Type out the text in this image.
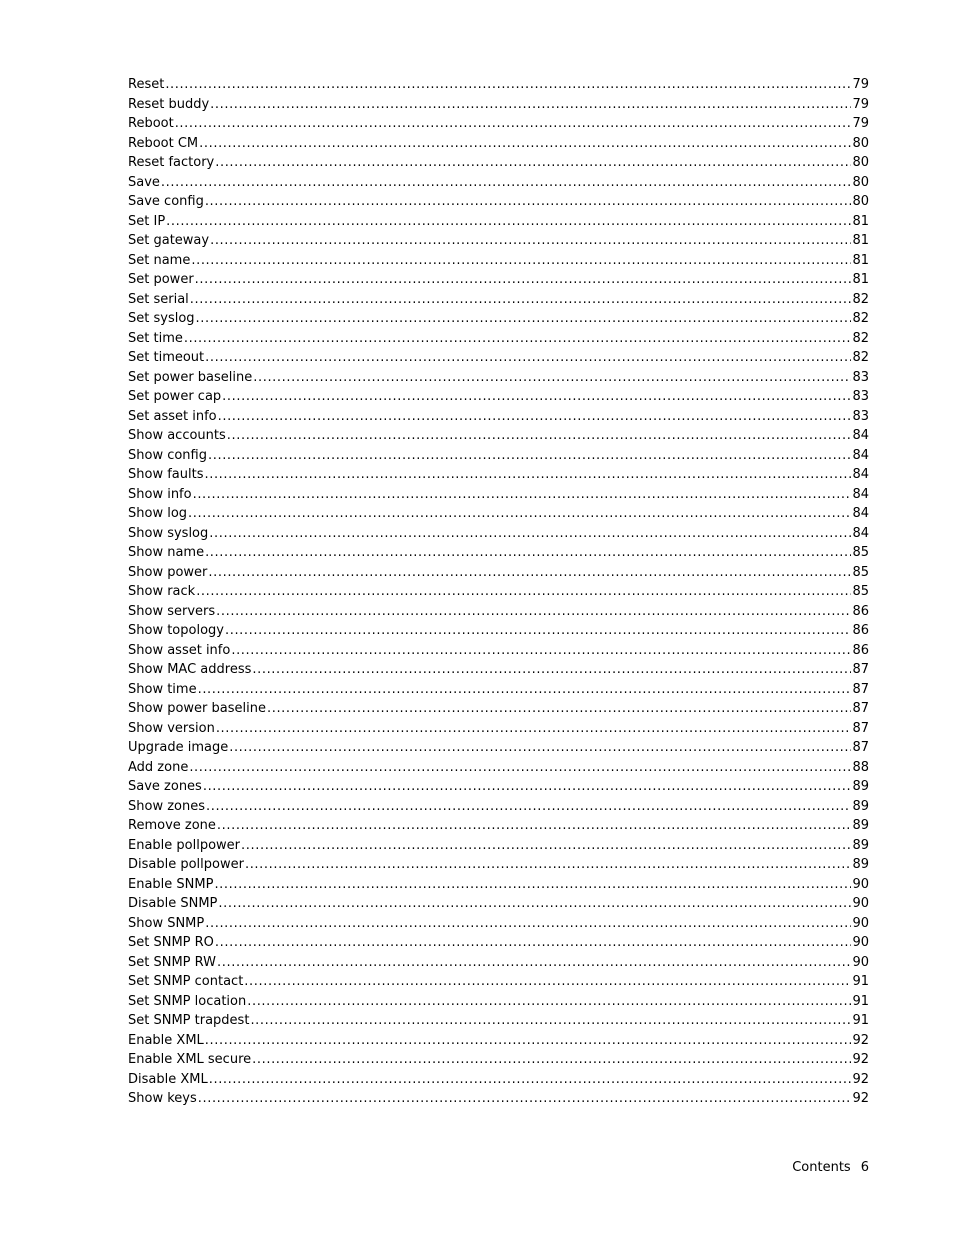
Reset .....	79
Reset buddy .....	79
Reboot .....	79
Reboot CM .....	80
Reset factory .....	80
Save .....	80
Save config .....	80
Set IP .....	81
Set gateway .....	81
Set name .....	81
Set power .....	81
Set serial .....	82
Set syslog .....	82
Set time .....	82
Set timeout .....	82
Set power baseline .....	83
Set power cap .....	83
Set asset info .....	83
Show accounts .....	84
Show config .....	84
Show faults .....	84
Show info .....	84
Show log .....	84
Show syslog .....	84
Show name .....	85
Show power .....	85
Show rack .....	85
Show servers .....	86
Show topology .....	86
Show asset info .....	86
Show MAC address .....	87
Show time .....	87
Show power baseline .....	87
Show version .....	87
Upgrade image .....	87
Add zone .....	88
Save zones .....	89
Show zones .....	89
Remove zone .....	89
Enable pollpower .....	89
Disable pollpower .....	89
Enable SNMP .....	90
Disable SNMP .....	90
Show SNMP .....	90
Set SNMP RO .....	90
Set SNMP RW .....	90
Set SNMP contact .....	91
Set SNMP location .....	91
Set SNMP trapdest .....	91
Enable XML .....	92
Enable XML secure .....	92
Disable XML .....	92
Show keys .....	92
Contents 6
